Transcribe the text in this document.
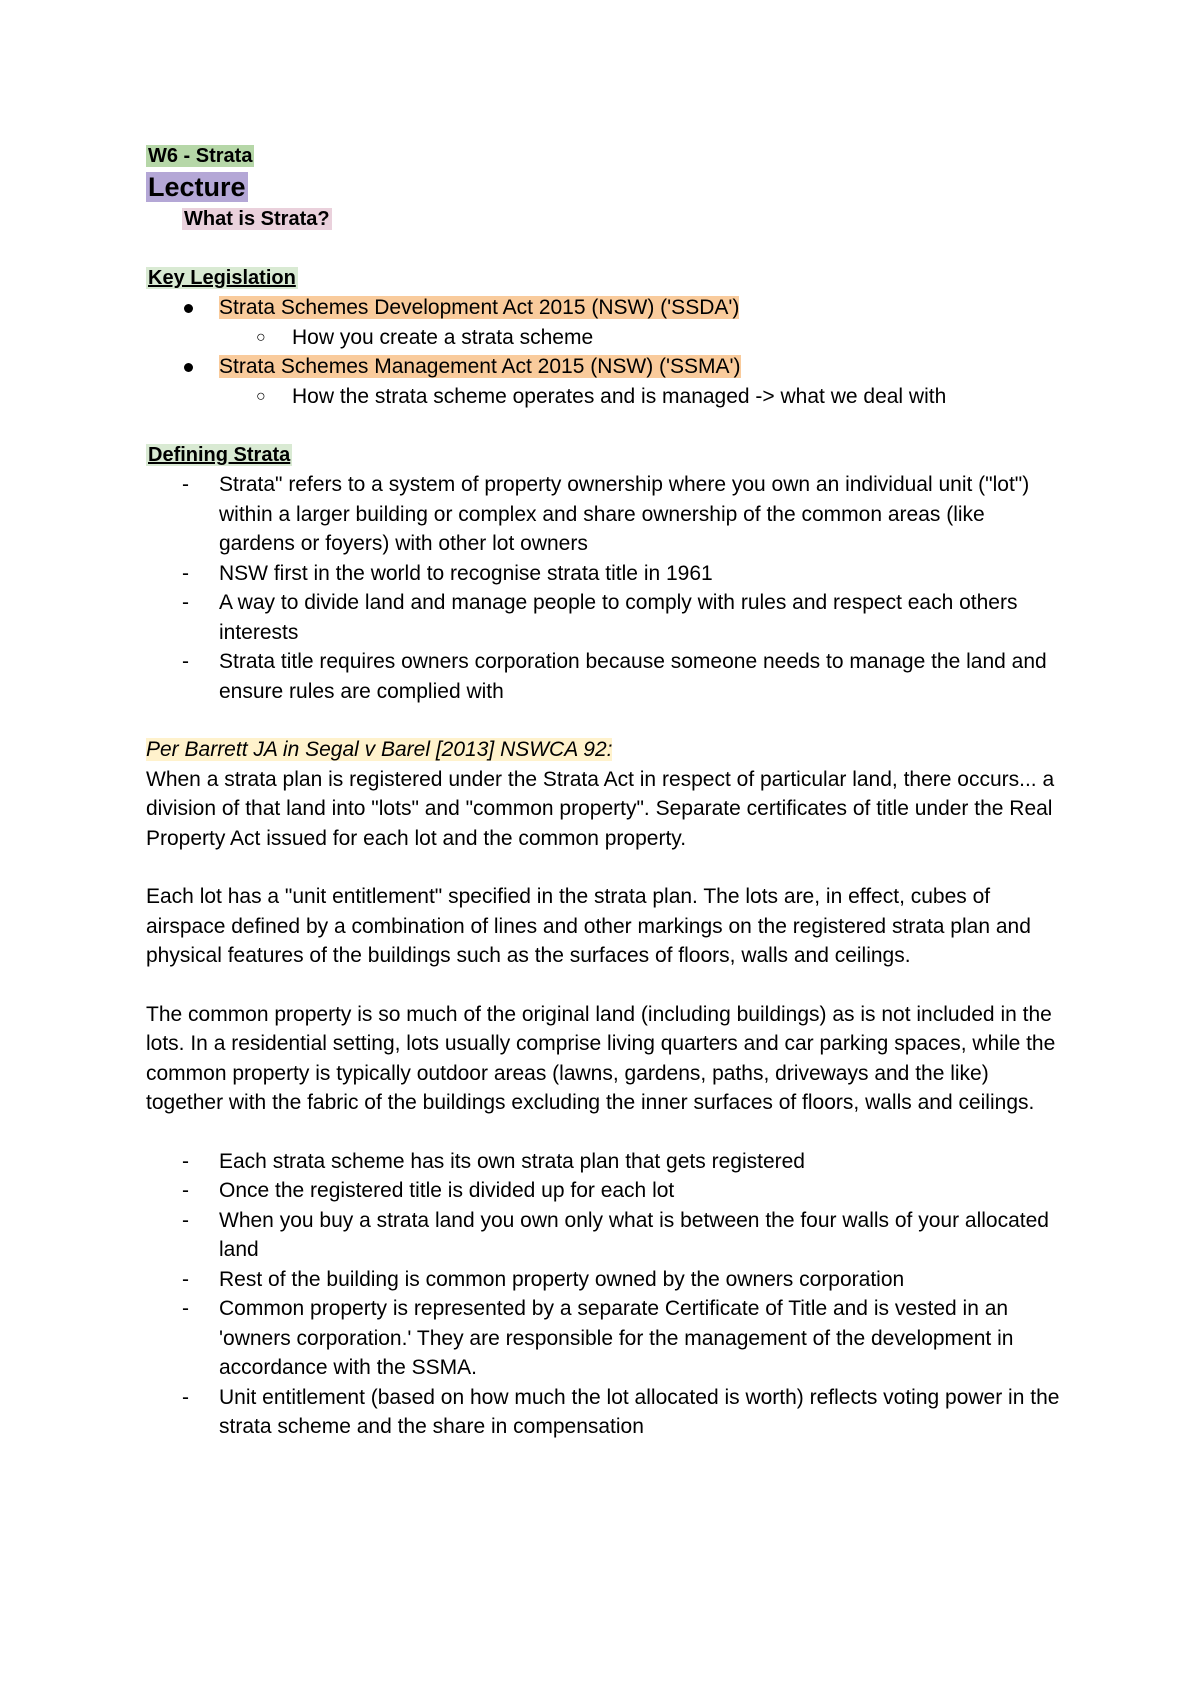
W6 - Strata

Lecture

What is Strata?

Key Legislation

Strata Schemes Development Act 2015 (NSW) ('SSDA')
○ How you create a strata scheme
Strata Schemes Management Act 2015 (NSW) ('SSMA')
○ How the strata scheme operates and is managed -> what we deal with

Defining Strata

- Strata" refers to a system of property ownership where you own an individual unit ("lot") within a larger building or complex and share ownership of the common areas (like gardens or foyers) with other lot owners
- NSW first in the world to recognise strata title in 1961
- A way to divide land and manage people to comply with rules and respect each others interests
- Strata title requires owners corporation because someone needs to manage the land and ensure rules are complied with

Per Barrett JA in Segal v Barel [2013] NSWCA 92:

When a strata plan is registered under the Strata Act in respect of particular land, there occurs... a division of that land into "lots" and "common property". Separate certificates of title under the Real Property Act issued for each lot and the common property.

Each lot has a "unit entitlement" specified in the strata plan. The lots are, in effect, cubes of airspace defined by a combination of lines and other markings on the registered strata plan and physical features of the buildings such as the surfaces of floors, walls and ceilings.

The common property is so much of the original land (including buildings) as is not included in the lots. In a residential setting, lots usually comprise living quarters and car parking spaces, while the common property is typically outdoor areas (lawns, gardens, paths, driveways and the like) together with the fabric of the buildings excluding the inner surfaces of floors, walls and ceilings.

- Each strata scheme has its own strata plan that gets registered
- Once the registered title is divided up for each lot
- When you buy a strata land you own only what is between the four walls of your allocated land
- Rest of the building is common property owned by the owners corporation
- Common property is represented by a separate Certificate of Title and is vested in an 'owners corporation.' They are responsible for the management of the development in accordance with the SSMA.
- Unit entitlement (based on how much the lot allocated is worth) reflects voting power in the strata scheme and the share in compensation
